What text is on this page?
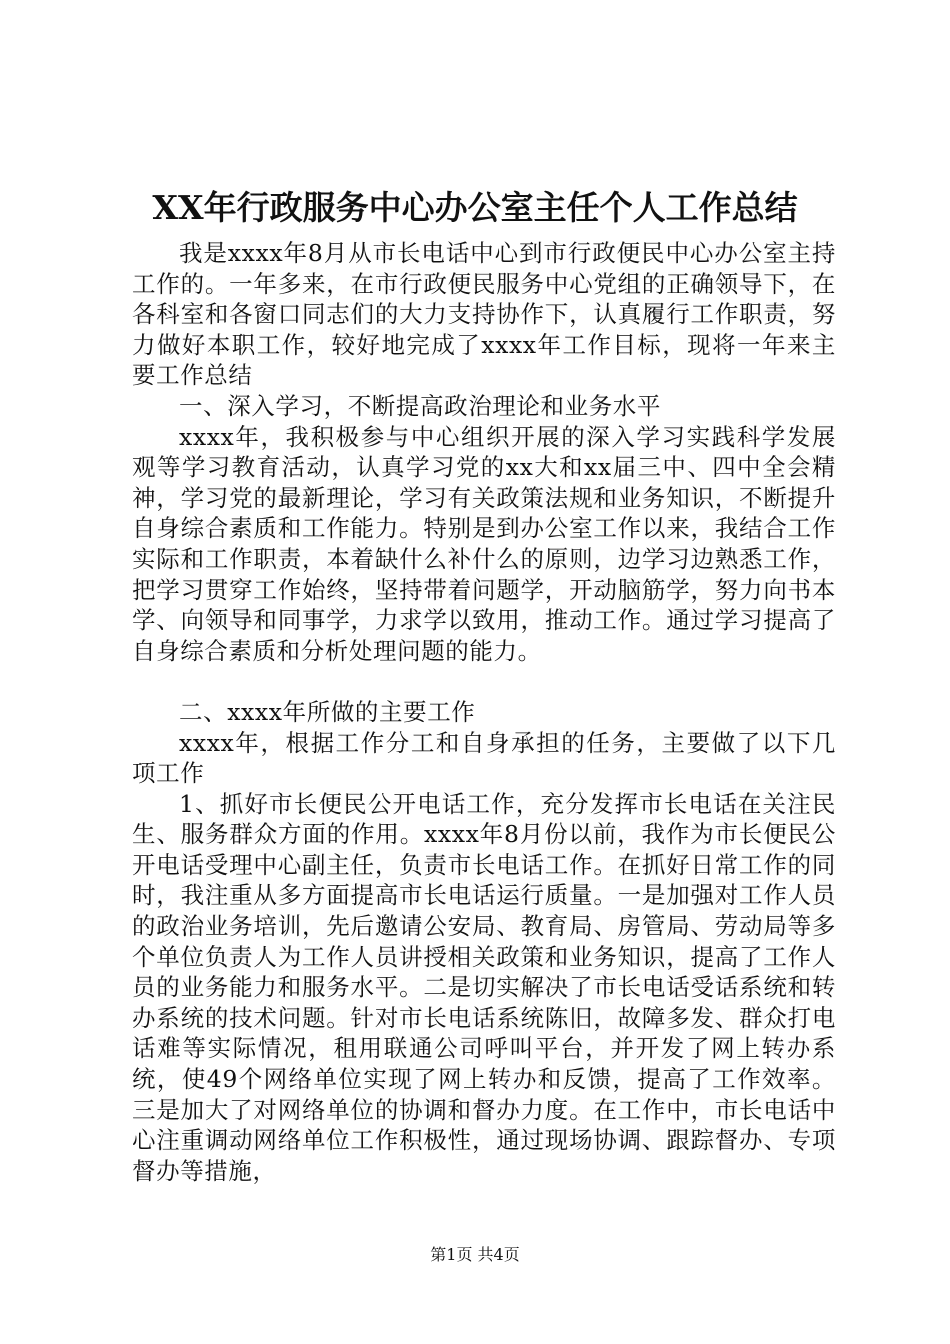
XX年行政服务中心办公室主任个人工作总结

我是xxxx年8月从市长电话中心到市行政便民中心办公室主持工作的。一年多来，在市行政便民服务中心党组的正确领导下，在各科室和各窗口同志们的大力支持协作下，认真履行工作职责，努力做好本职工作，较好地完成了xxxx年工作目标，现将一年来主要工作总结

一、深入学习，不断提高政治理论和业务水平

xxxx年，我积极参与中心组织开展的深入学习实践科学发展观等学习教育活动，认真学习党的xx大和xx届三中、四中全会精神，学习党的最新理论，学习有关政策法规和业务知识，不断提升自身综合素质和工作能力。特别是到办公室工作以来，我结合工作实际和工作职责，本着缺什么补什么的原则，边学习边熟悉工作，把学习贯穿工作始终，坚持带着问题学，开动脑筋学，努力向书本学、向领导和同事学，力求学以致用，推动工作。通过学习提高了自身综合素质和分析处理问题的能力。

二、xxxx年所做的主要工作

xxxx年，根据工作分工和自身承担的任务，主要做了以下几项工作

1、抓好市长便民公开电话工作，充分发挥市长电话在关注民生、服务群众方面的作用。xxxx年8月份以前，我作为市长便民公开电话受理中心副主任，负责市长电话工作。在抓好日常工作的同时，我注重从多方面提高市长电话运行质量。一是加强对工作人员的政治业务培训，先后邀请公安局、教育局、房管局、劳动局等多个单位负责人为工作人员讲授相关政策和业务知识，提高了工作人员的业务能力和服务水平。二是切实解决了市长电话受话系统和转办系统的技术问题。针对市长电话系统陈旧，故障多发、群众打电话难等实际情况，租用联通公司呼叫平台，并开发了网上转办系统，使49个网络单位实现了网上转办和反馈，提高了工作效率。三是加大了对网络单位的协调和督办力度。在工作中，市长电话中心注重调动网络单位工作积极性，通过现场协调、跟踪督办、专项督办等措施，

第1页 共4页
